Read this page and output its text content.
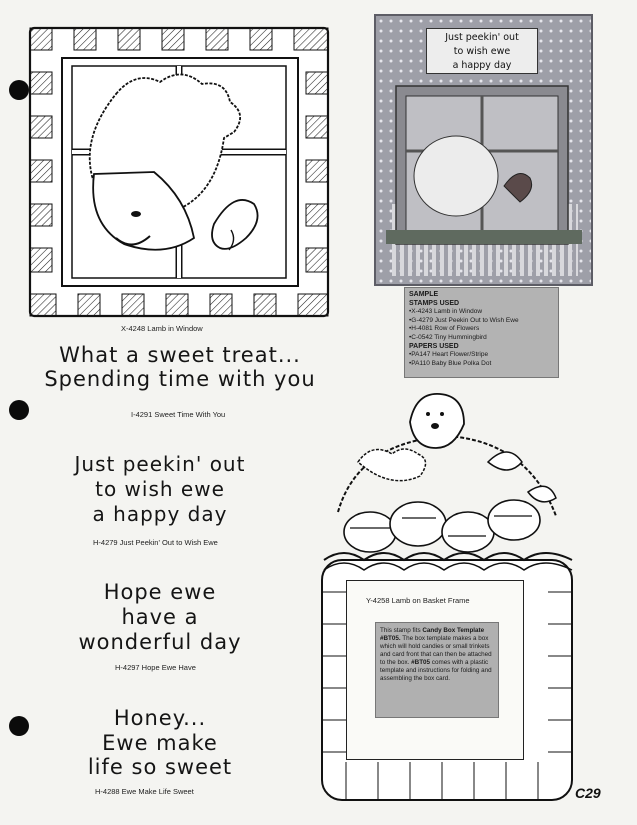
X-4248 Lamb in Window
Just peekin' out
to wish ewe
a happy day
SAMPLE
STAMPS USED
• X-4243 Lamb in Window
• G-4279 Just Peekin Out to Wish Ewe
• H-4081 Row of Flowers
• C-0542 Tiny Hummingbird
PAPERS USED
• PA147 Heart Flower/Stripe
• PA110 Baby Blue Polka Dot
What a sweet treat...
Spending time with you
I-4291 Sweet Time With You
Just peekin' out
to wish ewe
a happy day
H-4279 Just Peekin' Out to Wish Ewe
Hope ewe
have a
wonderful day
H-4297 Hope Ewe Have
Honey...
Ewe make
life so sweet
H-4288 Ewe Make Life Sweet
Y-4258 Lamb on Basket Frame
This stamp fits Candy Box Template #BT05. The box template makes a box which will hold candies or small trinkets and card front that can then be attached to the box. #BT05 comes with a plastic template and instructions for folding and assembling the box card.
C29
